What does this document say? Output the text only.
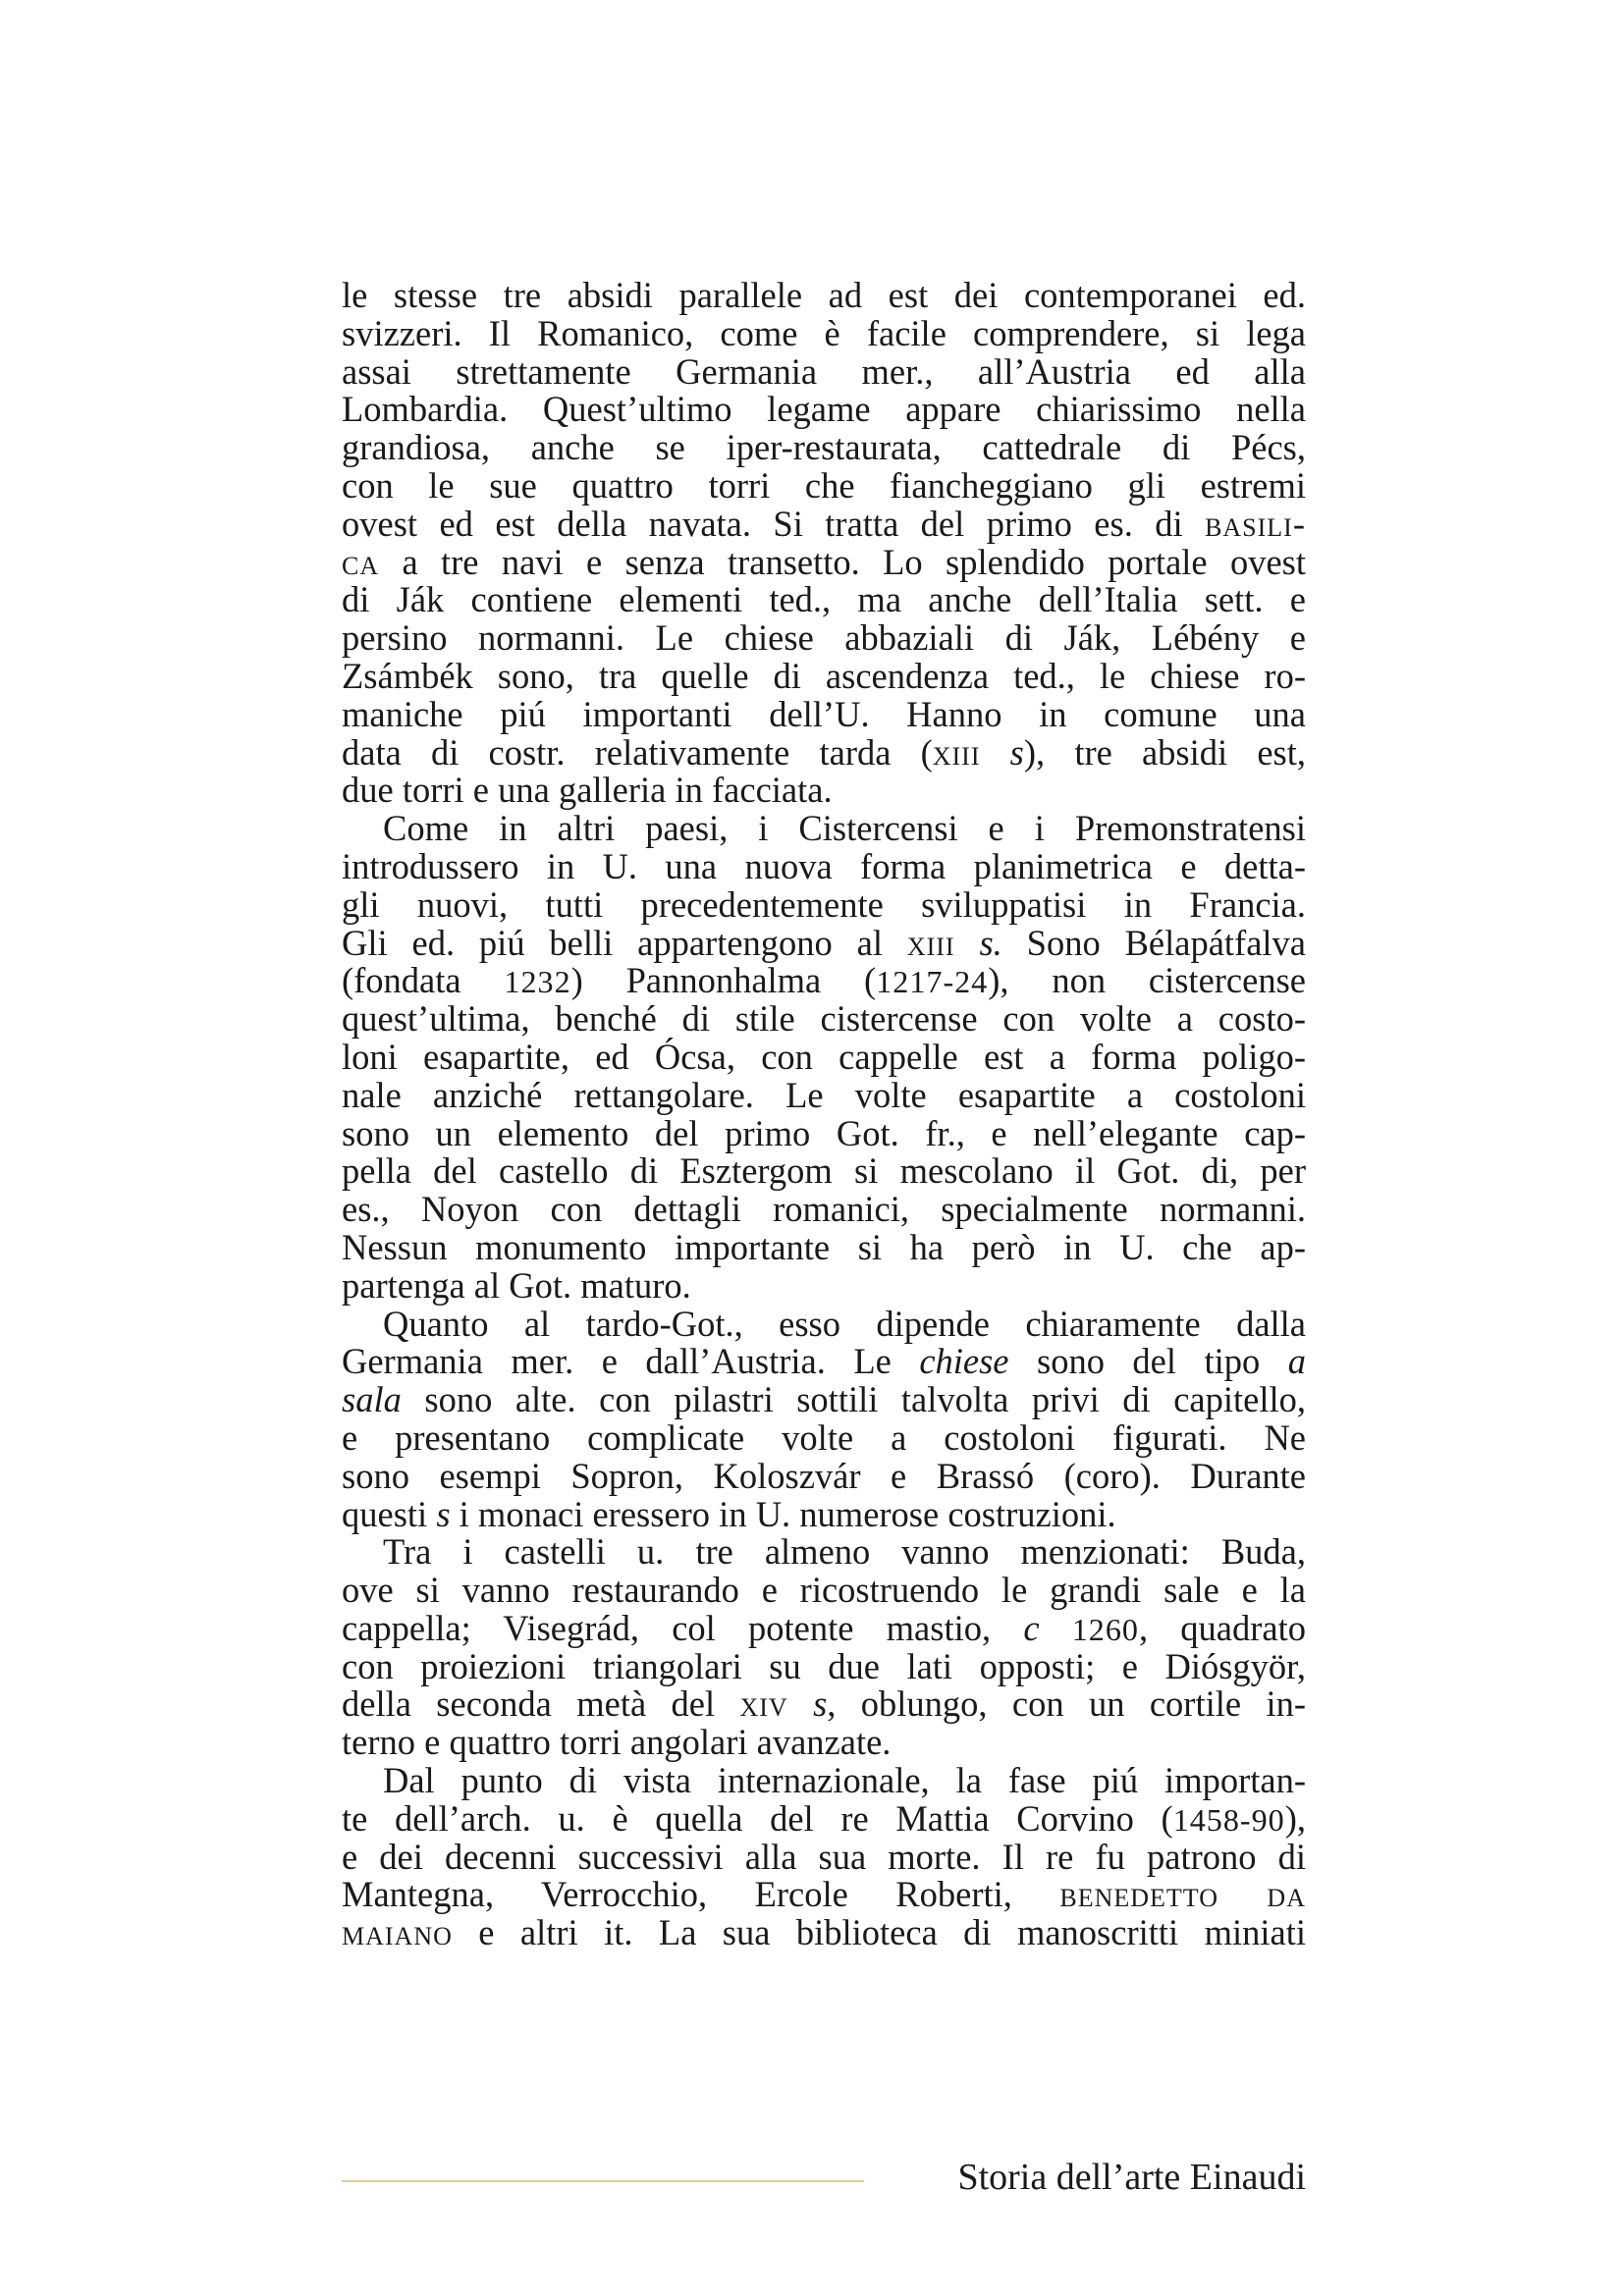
le stesse tre absidi parallele ad est dei contemporanei ed.
svizzeri. Il Romanico, come è facile comprendere, si lega
assai strettamente Germania mer., all’Austria ed alla
Lombardia. Quest’ultimo legame appare chiarissimo nella
grandiosa, anche se iper-restaurata, cattedrale di Pécs,
con le sue quattro torri che fiancheggiano gli estremi
ovest ed est della navata. Si tratta del primo es. di basili-
ca a tre navi e senza transetto. Lo splendido portale ovest
di Ják contiene elementi ted., ma anche dell’Italia sett. e
persino normanni. Le chiese abbaziali di Ják, Lébény e
Zsámbék sono, tra quelle di ascendenza ted., le chiese ro-
maniche piú importanti dell’U. Hanno in comune una
data di costr. relativamente tarda (xiii s), tre absidi est,
due torri e una galleria in facciata.
Come in altri paesi, i Cistercensi e i Premonstratensi
introdussero in U. una nuova forma planimetrica e detta-
gli nuovi, tutti precedentemente sviluppatisi in Francia.
Gli ed. piú belli appartengono al xiii s. Sono Bélapátfalva
(fondata 1232) Pannonhalma (1217-24), non cistercense
quest’ultima, benché di stile cistercense con volte a costo-
loni esapartite, ed Ócsa, con cappelle est a forma poligo-
nale anziché rettangolare. Le volte esapartite a costoloni
sono un elemento del primo Got. fr., e nell’elegante cap-
pella del castello di Esztergom si mescolano il Got. di, per
es., Noyon con dettagli romanici, specialmente normanni.
Nessun monumento importante si ha però in U. che ap-
partenga al Got. maturo.
Quanto al tardo-Got., esso dipende chiaramente dalla
Germania mer. e dall’Austria. Le chiese sono del tipo a
sala sono alte. con pilastri sottili talvolta privi di capitello,
e presentano complicate volte a costoloni figurati. Ne
sono esempi Sopron, Koloszvár e Brassó (coro). Durante
questi s i monaci eressero in U. numerose costruzioni.
Tra i castelli u. tre almeno vanno menzionati: Buda,
ove si vanno restaurando e ricostruendo le grandi sale e la
cappella; Visegrád, col potente mastio, c 1260, quadrato
con proiezioni triangolari su due lati opposti; e Diósgyör,
della seconda metà del xiv s, oblungo, con un cortile in-
terno e quattro torri angolari avanzate.
Dal punto di vista internazionale, la fase piú importan-
te dell’arch. u. è quella del re Mattia Corvino (1458-90),
e dei decenni successivi alla sua morte. Il re fu patrono di
Mantegna, Verrocchio, Ercole Roberti, benedetto da
maiano e altri it. La sua biblioteca di manoscritti miniati
Storia dell’arte Einaudi
